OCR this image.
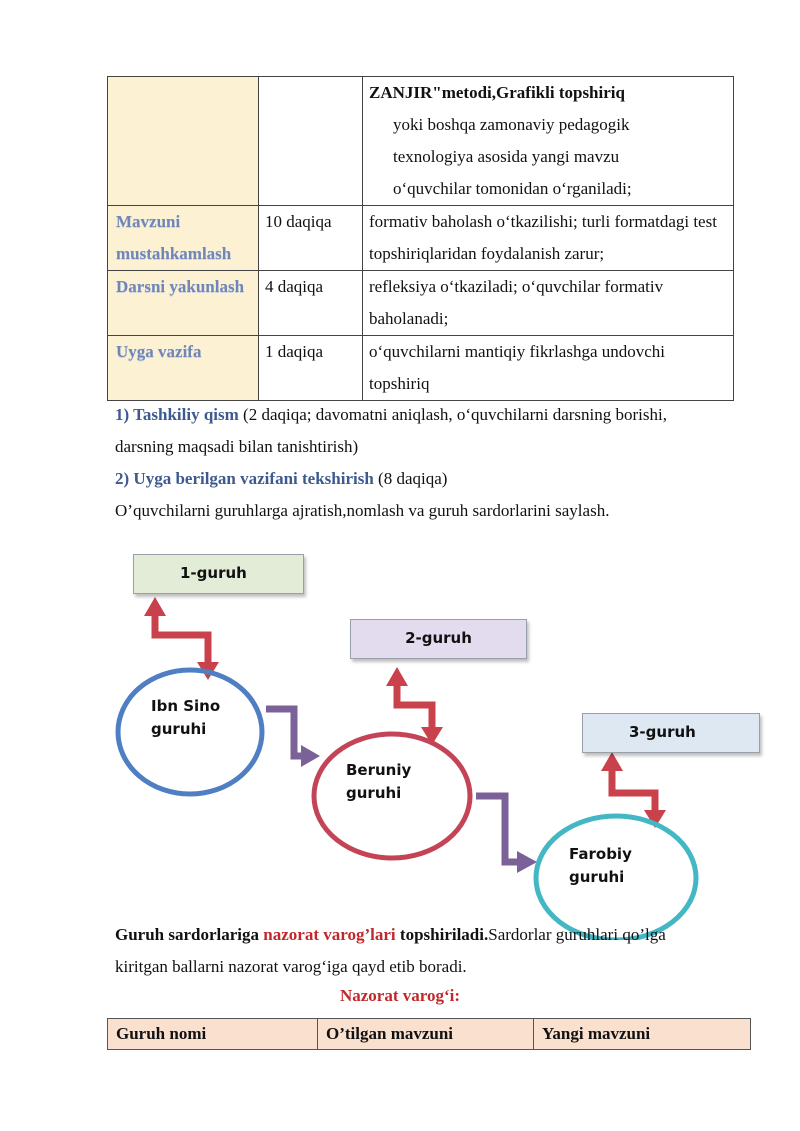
		ZANJIR"metodi,Grafikli topshiriq
yoki boshqa zamonaviy pedagogik
texnologiya asosida yangi mavzu
o‘quvchilar tomonidan o‘rganiladi;

Mavzuni mustahkamlash	10 daqiqa	formativ baholash o‘tkazilishi; turli formatdagi test topshiriqlaridan foydalanish zarur;
Darsni yakunlash	4 daqiqa	refleksiya o‘tkaziladi; o‘quvchilar formativ baholanadi;
Uyga vazifa	1 daqiqa	o‘quvchilarni mantiqiy fikrlashga undovchi topshiriq
1) Tashkiliy qism (2 daqiqa; davomatni aniqlash, o‘quvchilarni darsning borishi,
darsning maqsadi bilan tanishtirish)
2) Uyga berilgan vazifani tekshirish (8 daqiqa)
O’quvchilarni guruhlarga ajratish,nomlash va guruh sardorlarini saylash.
1-guruh
2-guruh
3-guruh
Ibn Sino
guruhi
Beruniy
guruhi
Farobiy
guruhi
Guruh sardorlariga nazorat varog’lari topshiriladi.Sardorlar guruhlari qo’lga
kiritgan ballarni nazorat varog‘iga qayd etib boradi.
Nazorat varog‘i:
Guruh nomi	O’tilgan mavzuni	Yangi mavzuni
